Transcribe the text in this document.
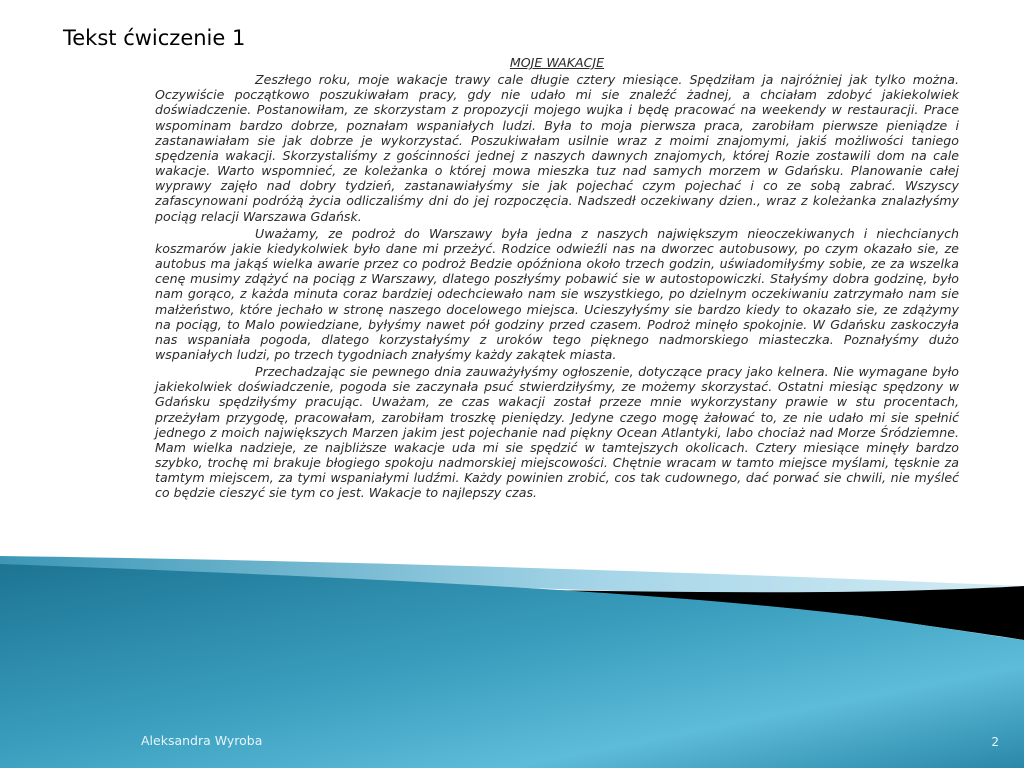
Tekst ćwiczenie 1

MOJE WAKACJE

Zeszłego roku, moje wakacje trawy cale długie cztery miesiące. Spędziłam ja najróżniej jak tylko można. Oczywiście początkowo poszukiwałam pracy, gdy nie udało mi sie znaleźć żadnej, a chciałam zdobyć jakiekolwiek doświadczenie. Postanowiłam, ze skorzystam z propozycji mojego wujka i będę pracować na weekendy w restauracji. Prace wspominam bardzo dobrze, poznałam wspaniałych ludzi. Była to moja pierwsza praca, zarobiłam pierwsze pieniądze i zastanawiałam sie jak dobrze je wykorzystać. Poszukiwałam usilnie wraz z moimi znajomymi, jakiś możliwości taniego spędzenia wakacji. Skorzystaliśmy z gościnności jednej z naszych dawnych znajomych, której Rozie zostawili dom na cale wakacje. Warto wspomnieć, ze koleżanka o której mowa mieszka tuz nad samych morzem w Gdańsku. Planowanie całej wyprawy zajęło nad dobry tydzień, zastanawiałyśmy sie jak pojechać czym pojechać i co ze sobą zabrać. Wszyscy zafascynowani podróżą życia odliczaliśmy dni do jej rozpoczęcia. Nadszedł oczekiwany dzien., wraz z koleżanka znalazłyśmy pociąg relacji Warszawa Gdańsk.

Uważamy, ze podroż do Warszawy była jedna z naszych największym nieoczekiwanych i niechcianych koszmarów jakie kiedykolwiek było dane mi przeżyć. Rodzice odwieźli nas na dworzec autobusowy, po czym okazało sie, ze autobus ma jakąś wielka awarie przez co podroż Bedzie opóźniona około trzech godzin, uświadomiłyśmy sobie, ze za wszelka cenę musimy zdążyć na pociąg z Warszawy, dlatego poszłyśmy pobawić sie w autostopowiczki. Stałyśmy dobra godzinę, było nam gorąco, z każda minuta coraz bardziej odechciewało nam sie wszystkiego, po dzielnym oczekiwaniu zatrzymało nam sie małżeństwo, które jechało w stronę naszego docelowego miejsca. Ucieszyłyśmy sie bardzo kiedy to okazało sie, ze zdążymy na pociąg, to Malo powiedziane, byłyśmy nawet pół godziny przed czasem. Podroż minęło spokojnie. W Gdańsku zaskoczyła nas wspaniała pogoda, dlatego korzystałyśmy z uroków tego pięknego nadmorskiego miasteczka. Poznałyśmy dużo wspaniałych ludzi, po trzech tygodniach znałyśmy każdy zakątek miasta.

Przechadzając sie pewnego dnia zauważyłyśmy ogłoszenie, dotyczące pracy jako kelnera. Nie wymagane było jakiekolwiek doświadczenie, pogoda sie zaczynała psuć stwierdziłyśmy, ze możemy skorzystać. Ostatni miesiąc spędzony w Gdańsku spędziłyśmy pracując. Uważam, ze czas wakacji został przeze mnie wykorzystany prawie w stu procentach, przeżyłam przygodę, pracowałam, zarobiłam troszkę pieniędzy. Jedyne czego mogę żałować to, ze nie udało mi sie spełnić jednego z moich największych Marzen jakim jest pojechanie nad piękny Ocean Atlantyki, labo chociaż nad Morze Śródziemne. Mam wielka nadzieje, ze najbliższe wakacje uda mi sie spędzić w tamtejszych okolicach. Cztery miesiące minęły bardzo szybko, trochę mi brakuje błogiego spokoju nadmorskiej miejscowości. Chętnie wracam w tamto miejsce myślami, tęsknie za tamtym miejscem, za tymi wspaniałymi ludźmi. Każdy powinien zrobić, cos tak cudownego, dać porwać sie chwili, nie myśleć co będzie cieszyć sie tym co jest. Wakacje to najlepszy czas.

Aleksandra Wyroba	2
